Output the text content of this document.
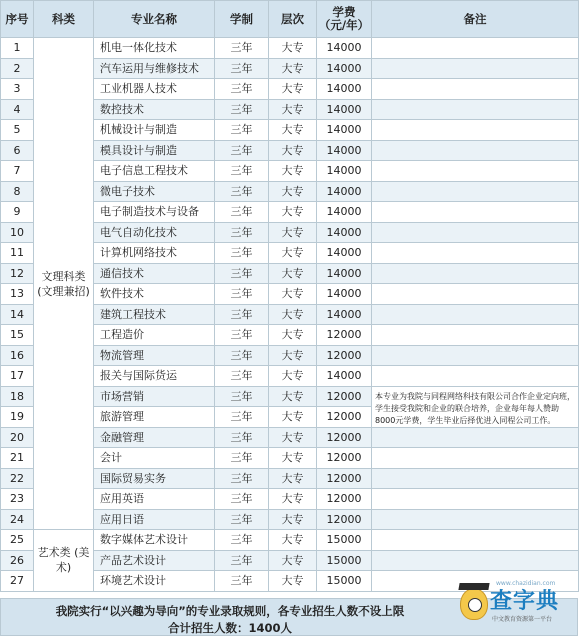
序号	科类	专业名称	学制	层次	学费
（元/年）	备注
1	文理科类 (文理兼招)	机电一体化技术	三年	大专	14000	
2		汽车运用与维修技术	三年	大专	14000	
3		工业机器人技术	三年	大专	14000	
4		数控技术	三年	大专	14000	
5		机械设计与制造	三年	大专	14000	
6		模具设计与制造	三年	大专	14000	
7		电子信息工程技术	三年	大专	14000	
8		微电子技术	三年	大专	14000	
9		电子制造技术与设备	三年	大专	14000	
10		电气自动化技术	三年	大专	14000	
11		计算机网络技术	三年	大专	14000	
12		通信技术	三年	大专	14000	
13		软件技术	三年	大专	14000	
14		建筑工程技术	三年	大专	14000	
15		工程造价	三年	大专	12000	
16		物流管理	三年	大专	12000	
17		报关与国际货运	三年	大专	14000	
18		市场营销	三年	大专	12000	本专业为我院与同程网络科技有限公司合作企业定向班，学生接受我院和企业的联合培养，企业每年每人赞助8000元学费，学生毕业后择优进入同程公司工作。

19		旅游管理	三年	大专	12000	
20		金融管理	三年	大专	12000	
21		会计	三年	大专	12000	
22		国际贸易实务	三年	大专	12000	
23		应用英语	三年	大专	12000	
24		应用日语	三年	大专	12000	
25	艺术类 (美术)	数字媒体艺术设计	三年	大专	15000	
26		产品艺术设计	三年	大专	15000	
27		环境艺术设计	三年	大专	15000	
我院实行“以兴趣为导向”的专业录取规则，各专业招生人数不设上限
合计招生人数：1400人
www.chazidian.com
查字典
中文教育资源第一平台
